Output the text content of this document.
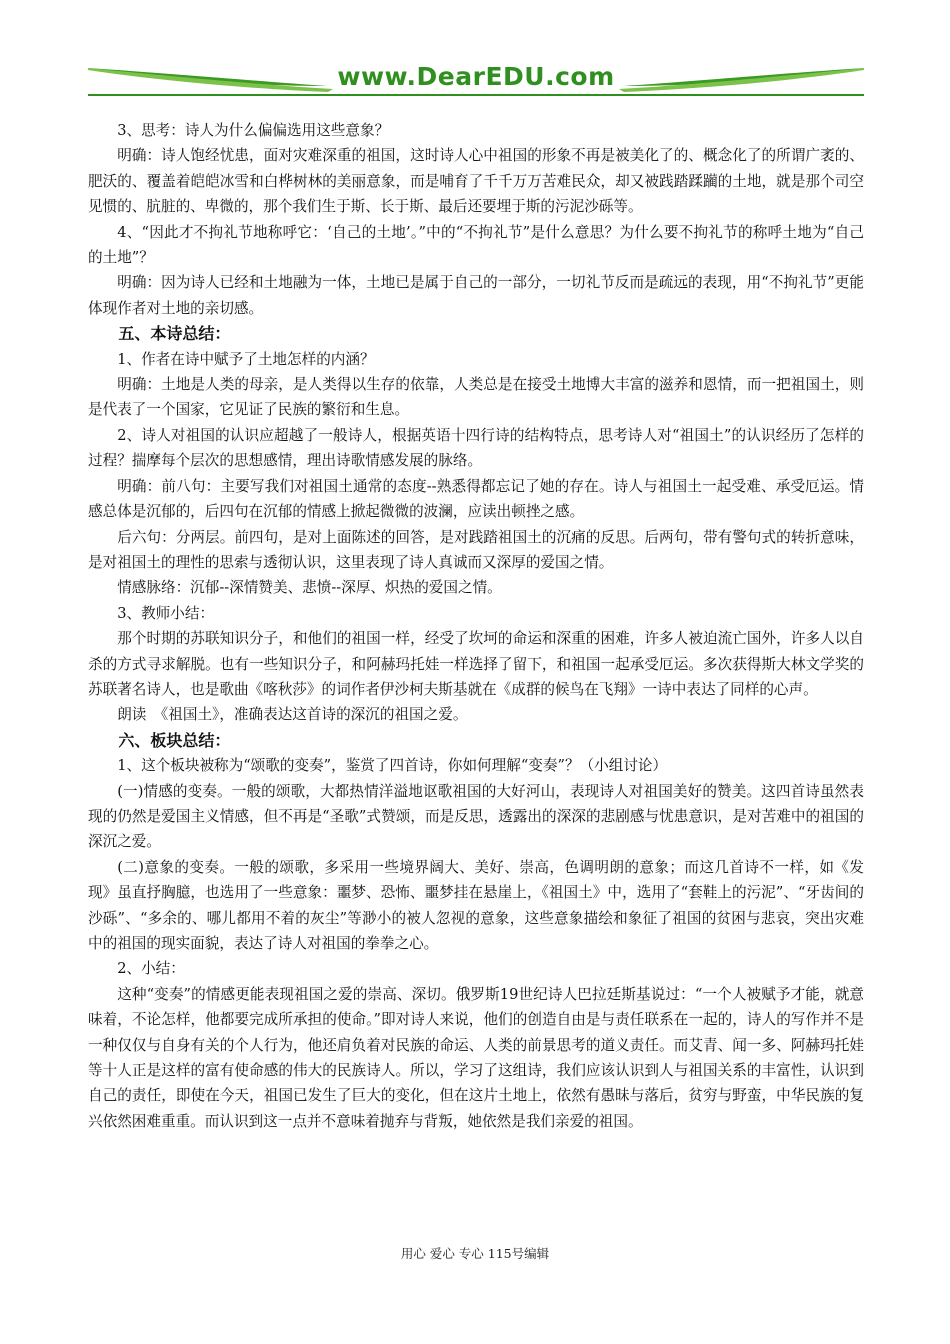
www.DearEDU.com

3、思考：诗人为什么偏偏选用这些意象？

明确：诗人饱经忧患，面对灾难深重的祖国，这时诗人心中祖国的形象不再是被美化了的、概念化了的所谓广袤的、肥沃的、覆盖着皑皑冰雪和白桦树林的美丽意象，而是哺育了千千万万苦难民众，却又被践踏蹂躏的土地，就是那个司空见惯的、肮脏的、卑微的，那个我们生于斯、长于斯、最后还要埋于斯的污泥沙砾等。

4、“因此才不拘礼节地称呼它：‘自己的土地’。”中的“不拘礼节”是什么意思？为什么要不拘礼节的称呼土地为“自己的土地”？

明确：因为诗人已经和土地融为一体，土地已是属于自己的一部分，一切礼节反而是疏远的表现，用“不拘礼节”更能体现作者对土地的亲切感。

五、本诗总结：

1、作者在诗中赋予了土地怎样的内涵？

明确：土地是人类的母亲，是人类得以生存的依靠，人类总是在接受土地博大丰富的滋养和恩情，而一把祖国土，则是代表了一个国家，它见证了民族的繁衍和生息。

2、诗人对祖国的认识应超越了一般诗人，根据英语十四行诗的结构特点，思考诗人对“祖国土”的认识经历了怎样的过程？揣摩每个层次的思想感情，理出诗歌情感发展的脉络。

明确：前八句：主要写我们对祖国土通常的态度--熟悉得都忘记了她的存在。诗人与祖国土一起受难、承受厄运。情感总体是沉郁的，后四句在沉郁的情感上掀起微微的波澜，应读出顿挫之感。

后六句：分两层。前四句，是对上面陈述的回答，是对践踏祖国土的沉痛的反思。后两句，带有警句式的转折意味，是对祖国土的理性的思索与透彻认识，这里表现了诗人真诚而又深厚的爱国之情。

情感脉络：沉郁--深情赞美、悲愤--深厚、炽热的爱国之情。

3、教师小结：

那个时期的苏联知识分子，和他们的祖国一样，经受了坎坷的命运和深重的困难，许多人被迫流亡国外，许多人以自杀的方式寻求解脱。也有一些知识分子，和阿赫玛托娃一样选择了留下，和祖国一起承受厄运。多次获得斯大林文学奖的苏联著名诗人，也是歌曲《喀秋莎》的词作者伊沙柯夫斯基就在《成群的候鸟在飞翔》一诗中表达了同样的心声。

朗读　《祖国土》，准确表达这首诗的深沉的祖国之爱。

六、板块总结：

1、这个板块被称为“颂歌的变奏”，鉴赏了四首诗，你如何理解“变奏”？（小组讨论）

(一)情感的变奏。一般的颂歌，大都热情洋溢地讴歌祖国的大好河山，表现诗人对祖国美好的赞美。这四首诗虽然表现的仍然是爱国主义情感，但不再是“圣歌”式赞颂，而是反思，透露出的深深的悲剧感与忧患意识，是对苦难中的祖国的深沉之爱。

(二)意象的变奏。一般的颂歌，多采用一些境界阔大、美好、崇高，色调明朗的意象；而这几首诗不一样，如《发现》虽直抒胸臆，也选用了一些意象：噩梦、恐怖、噩梦挂在悬崖上，《祖国土》中，选用了“套鞋上的污泥”、“牙齿间的沙砾”、“多余的、哪儿都用不着的灰尘”等渺小的被人忽视的意象，这些意象描绘和象征了祖国的贫困与悲哀，突出灾难中的祖国的现实面貌，表达了诗人对祖国的拳拳之心。

2、小结：

这种“变奏”的情感更能表现祖国之爱的崇高、深切。俄罗斯19世纪诗人巴拉廷斯基说过：“一个人被赋予才能，就意味着，不论怎样，他都要完成所承担的使命。”即对诗人来说，他们的创造自由是与责任联系在一起的，诗人的写作并不是一种仅仅与自身有关的个人行为，他还肩负着对民族的命运、人类的前景思考的道义责任。而艾青、闻一多、阿赫玛托娃等十人正是这样的富有使命感的伟大的民族诗人。所以，学习了这组诗，我们应该认识到人与祖国关系的丰富性，认识到自己的责任，即使在今天，祖国已发生了巨大的变化，但在这片土地上，依然有愚昧与落后，贫穷与野蛮，中华民族的复兴依然困难重重。而认识到这一点并不意味着抛弃与背叛，她依然是我们亲爱的祖国。

用心 爱心 专心 115号编辑
